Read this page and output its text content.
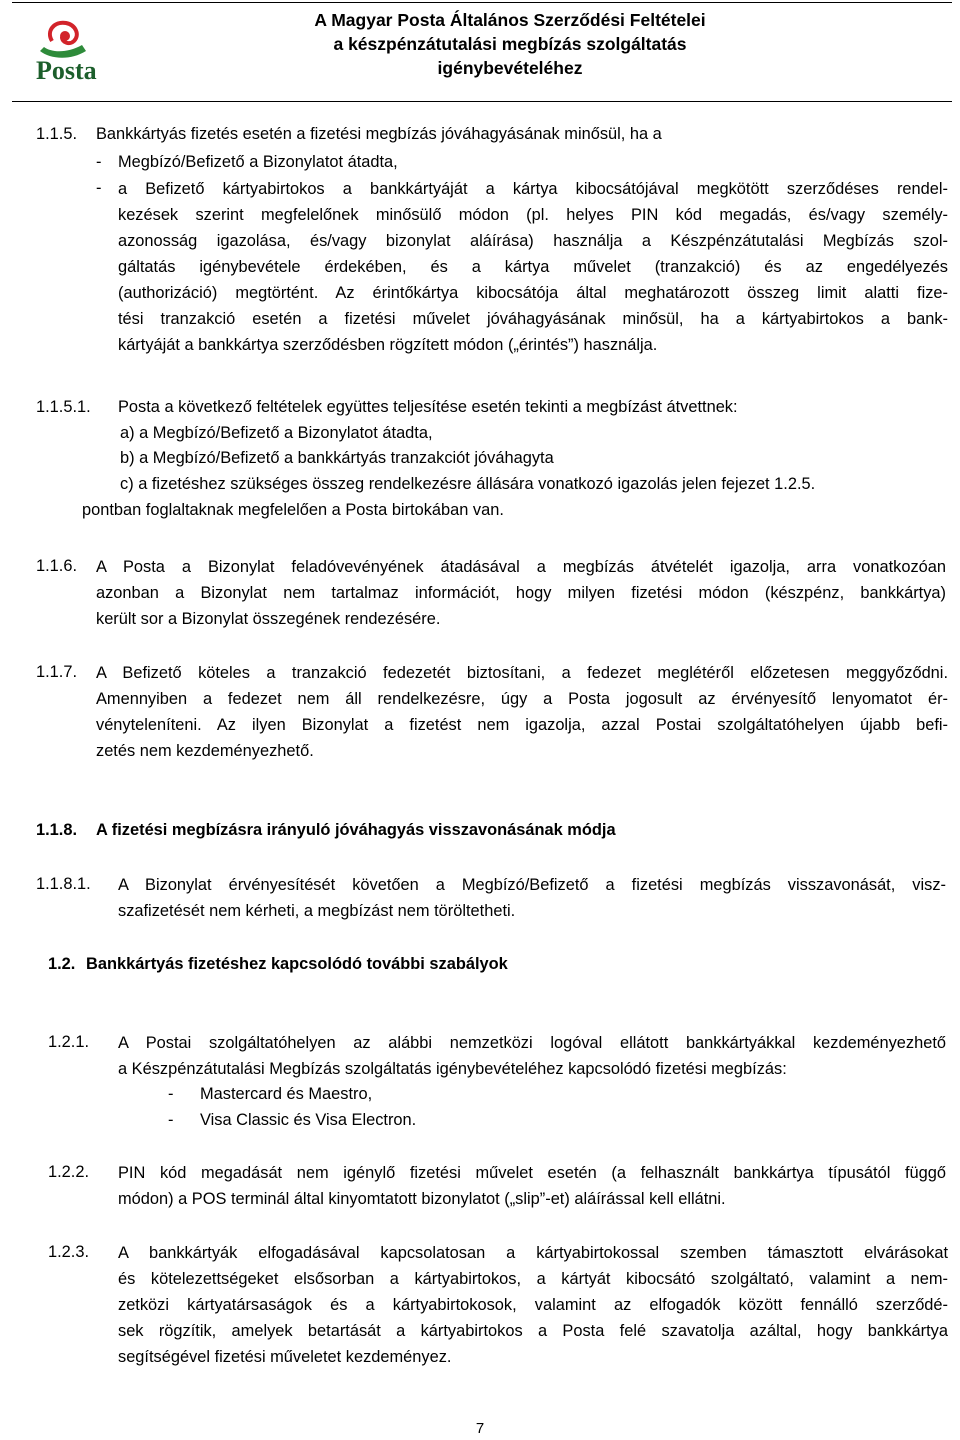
Posta
A Magyar Posta Általános Szerződési Feltételei
a készpénzátutalási megbízás szolgáltatás
igénybevételéhez
1.1.5. Bankkártyás fizetés esetén a fizetési megbízás jóváhagyásának minősül, ha a
- Megbízó/Befizető a Bizonylatot átadta,
- a Befizető kártyabirtokos a bankkártyáját a kártya kibocsátójával megkötött szerződéses rendel-
kezések szerint megfelelőnek minősülő módon (pl. helyes PIN kód megadás, és/vagy személy-
azonosság igazolása, és/vagy bizonylat aláírása) használja a Készpénzátutalási Megbízás szol-
gáltatás igénybevétele érdekében, és a kártya művelet (tranzakció) és az engedélyezés
(authorizáció) megtörtént. Az érintőkártya kibocsátója által meghatározott összeg limit alatti fize-
tési tranzakció esetén a fizetési művelet jóváhagyásának minősül, ha a kártyabirtokos a bank-
kártyáját a bankkártya szerződésben rögzített módon („érintés”) használja.
1.1.5.1. Posta a következő feltételek együttes teljesítése esetén tekinti a megbízást átvettnek:
a) a Megbízó/Befizető a Bizonylatot átadta,
b) a Megbízó/Befizető a bankkártyás tranzakciót jóváhagyta
c) a fizetéshez szükséges összeg rendelkezésre állására vonatkozó igazolás jelen fejezet 1.2.5.
pontban foglaltaknak megfelelően a Posta birtokában van.
1.1.6. A Posta a Bizonylat feladóvevényének átadásával a megbízás átvételét igazolja, arra vonatkozóan
azonban a Bizonylat nem tartalmaz információt, hogy milyen fizetési módon (készpénz, bankkártya)
került sor a Bizonylat összegének rendezésére.
1.1.7. A Befizető köteles a tranzakció fedezetét biztosítani, a fedezet meglétéről előzetesen meggyőződni.
Amennyiben a fedezet nem áll rendelkezésre, úgy a Posta jogosult az érvényesítő lenyomatot ér-
vényteleníteni. Az ilyen Bizonylat a fizetést nem igazolja, azzal Postai szolgáltatóhelyen újabb befi-
zetés nem kezdeményezhető.
1.1.8. A fizetési megbízásra irányuló jóváhagyás visszavonásának módja
1.1.8.1. A Bizonylat érvényesítését követően a Megbízó/Befizető a fizetési megbízás visszavonását, visz-
szafizetését nem kérheti, a megbízást nem töröltetheti.
1.2. Bankkártyás fizetéshez kapcsolódó további szabályok
1.2.1. A Postai szolgáltatóhelyen az alábbi nemzetközi logóval ellátott bankkártyákkal kezdeményezhető
a Készpénzátutalási Megbízás szolgáltatás igénybevételéhez kapcsolódó fizetési megbízás:
- Mastercard és Maestro,
- Visa Classic és Visa Electron.
1.2.2. PIN kód megadását nem igénylő fizetési művelet esetén (a felhasznált bankkártya típusától függő
módon) a POS terminál által kinyomtatott bizonylatot („slip”-et) aláírással kell ellátni.
1.2.3. A bankkártyák elfogadásával kapcsolatosan a kártyabirtokossal szemben támasztott elvárásokat
és kötelezettségeket elsősorban a kártyabirtokos, a kártyát kibocsátó szolgáltató, valamint a nem-
zetközi kártyatársaságok és a kártyabirtokosok, valamint az elfogadók között fennálló szerződé-
sek rögzítik, amelyek betartását a kártyabirtokos a Posta felé szavatolja azáltal, hogy bankkártya
segítségével fizetési műveletet kezdeményez.
7
